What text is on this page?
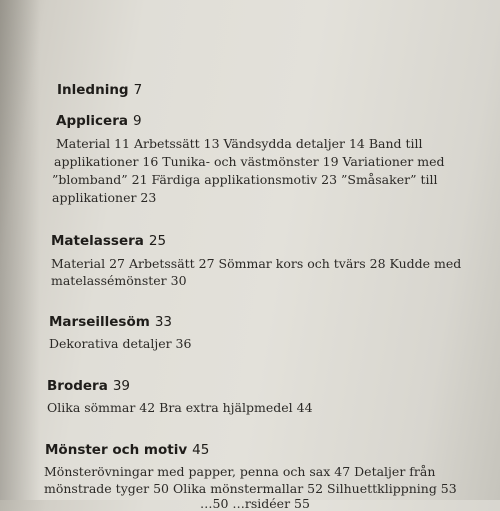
Inledning 7
Applicera 9
Material 11 Arbetssätt 13 Vändsydda detaljer 14 Band till
applikationer 16 Tunika- och västmönster 19 Variationer med
”blomband” 21 Färdiga applikationsmotiv 23 ”Småsaker” till
applikationer 23
Matelassera 25
Material 27 Arbetssätt 27 Sömmar kors och tvärs 28 Kudde med
matelassémönster 30
Marseillesöm 33
Dekorativa detaljer 36
Brodera 39
Olika sömmar 42 Bra extra hjälpmedel 44
Mönster och motiv 45
Mönsterövningar med papper, penna och sax 47 Detaljer från
mönstrade tyger 50 Olika mönstermallar 52 Silhuettklippning 53
…50 …rsidéer 55
